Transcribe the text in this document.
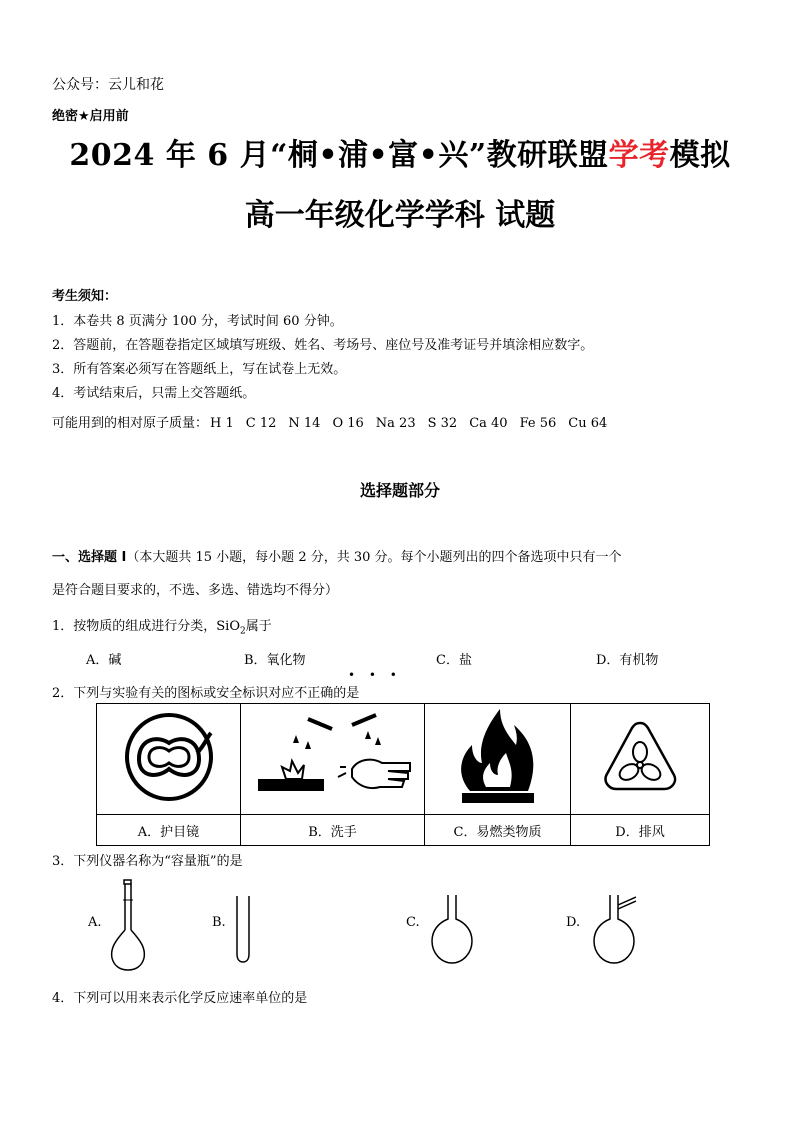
公众号：云儿和花
绝密★启用前
2024 年 6 月“桐•浦•富•兴”教研联盟学考模拟
高一年级化学学科 试题
考生须知：
1．本卷共 8 页满分 100 分，考试时间 60 分钟。
2．答题前，在答题卷指定区域填写班级、姓名、考场号、座位号及准考证号并填涂相应数字。
3．所有答案必须写在答题纸上，写在试卷上无效。
4．考试结束后，只需上交答题纸。
可能用到的相对原子质量： H 1 C 12 N 14 O 16 Na 23 S 32 Ca 40 Fe 56 Cu 64
选择题部分
一、选择题 Ⅰ（本大题共 15 小题，每小题 2 分，共 30 分。每个小题列出的四个备选项中只有一个
是符合题目要求的，不选、多选、错选均不得分）
1．按物质的组成进行分类，SiO$_2$属于
A．碱	B．氧化物	C．盐	D．有机物
• • •
2．下列与实验有关的图标或安全标识对应不正确的是

A．护目镜	B．洗手	C．易燃类物质	D．排风
3．下列仪器名称为“容量瓶”的是
A.	B.	C.	D.
4．下列可以用来表示化学反应速率单位的是
